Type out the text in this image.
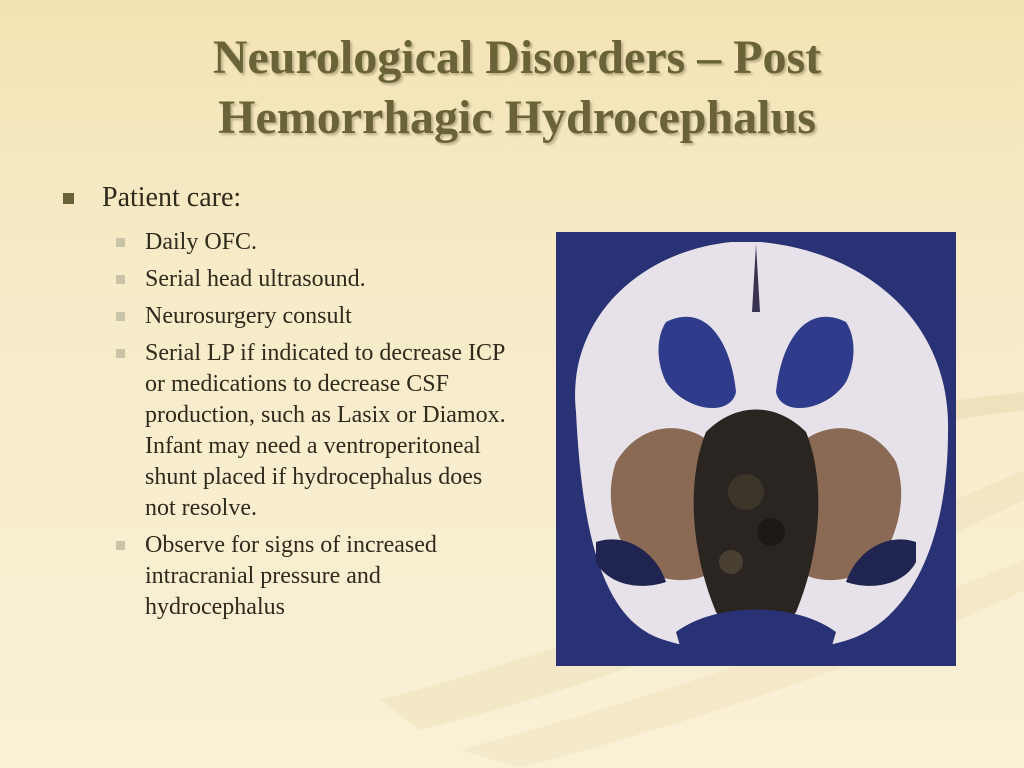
Neurological Disorders – Post
Hemorrhagic Hydrocephalus
Patient care:
Daily OFC.
Serial head ultrasound.
Neurosurgery consult
Serial LP if indicated to decrease ICP or medications to decrease CSF production, such as Lasix or Diamox. Infant may need a ventroperitoneal shunt placed if hydrocephalus does not resolve.
Observe for signs of increased intracranial pressure and hydrocephalus
